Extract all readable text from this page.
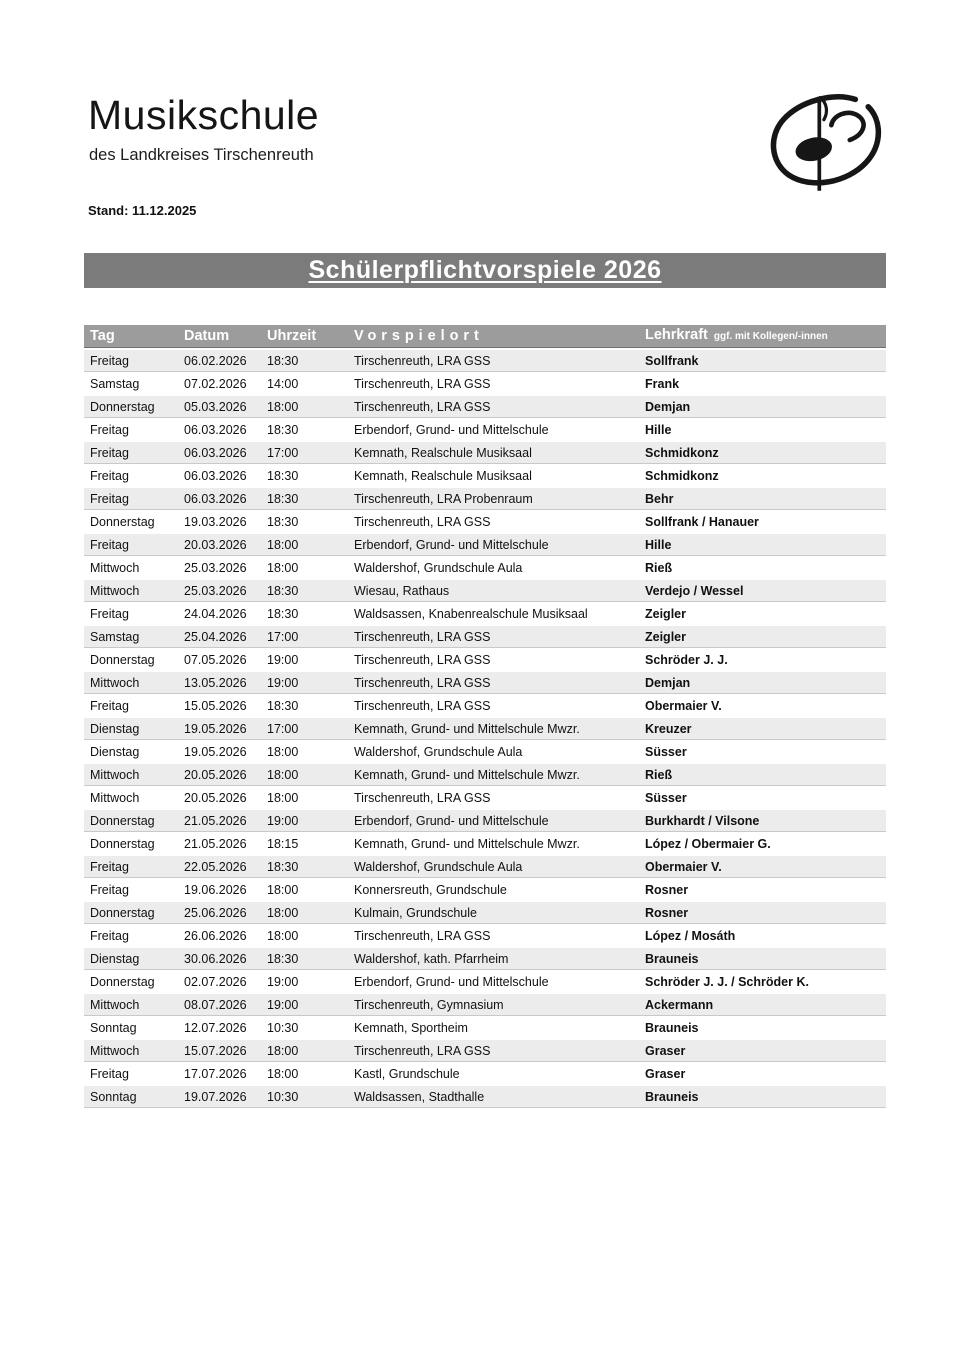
Musikschule
des Landkreises Tirschenreuth
Stand: 11.12.2025
Schülerpflichtvorspiele 2026
Tag	Datum	Uhrzeit	Vorspielort	Lehrkraft ggf. mit Kollegen/-innen
Freitag	06.02.2026	18:30	Tirschenreuth, LRA GSS	Sollfrank
Samstag	07.02.2026	14:00	Tirschenreuth, LRA GSS	Frank
Donnerstag	05.03.2026	18:00	Tirschenreuth, LRA GSS	Demjan
Freitag	06.03.2026	18:30	Erbendorf, Grund- und Mittelschule	Hille
Freitag	06.03.2026	17:00	Kemnath, Realschule Musiksaal	Schmidkonz
Freitag	06.03.2026	18:30	Kemnath, Realschule Musiksaal	Schmidkonz
Freitag	06.03.2026	18:30	Tirschenreuth, LRA Probenraum	Behr
Donnerstag	19.03.2026	18:30	Tirschenreuth, LRA GSS	Sollfrank / Hanauer
Freitag	20.03.2026	18:00	Erbendorf, Grund- und Mittelschule	Hille
Mittwoch	25.03.2026	18:00	Waldershof, Grundschule Aula	Rieß
Mittwoch	25.03.2026	18:30	Wiesau, Rathaus	Verdejo / Wessel
Freitag	24.04.2026	18:30	Waldsassen, Knabenrealschule Musiksaal	Zeigler
Samstag	25.04.2026	17:00	Tirschenreuth, LRA GSS	Zeigler
Donnerstag	07.05.2026	19:00	Tirschenreuth, LRA GSS	Schröder J. J.
Mittwoch	13.05.2026	19:00	Tirschenreuth, LRA GSS	Demjan
Freitag	15.05.2026	18:30	Tirschenreuth, LRA GSS	Obermaier V.
Dienstag	19.05.2026	17:00	Kemnath, Grund- und Mittelschule Mwzr.	Kreuzer
Dienstag	19.05.2026	18:00	Waldershof, Grundschule Aula	Süsser
Mittwoch	20.05.2026	18:00	Kemnath, Grund- und Mittelschule Mwzr.	Rieß
Mittwoch	20.05.2026	18:00	Tirschenreuth, LRA GSS	Süsser
Donnerstag	21.05.2026	19:00	Erbendorf, Grund- und Mittelschule	Burkhardt / Vilsone
Donnerstag	21.05.2026	18:15	Kemnath, Grund- und Mittelschule Mwzr.	López / Obermaier G.
Freitag	22.05.2026	18:30	Waldershof, Grundschule Aula	Obermaier V.
Freitag	19.06.2026	18:00	Konnersreuth, Grundschule	Rosner
Donnerstag	25.06.2026	18:00	Kulmain, Grundschule	Rosner
Freitag	26.06.2026	18:00	Tirschenreuth, LRA GSS	López / Mosáth
Dienstag	30.06.2026	18:30	Waldershof, kath. Pfarrheim	Brauneis
Donnerstag	02.07.2026	19:00	Erbendorf, Grund- und Mittelschule	Schröder J. J. / Schröder K.
Mittwoch	08.07.2026	19:00	Tirschenreuth, Gymnasium	Ackermann
Sonntag	12.07.2026	10:30	Kemnath, Sportheim	Brauneis
Mittwoch	15.07.2026	18:00	Tirschenreuth, LRA GSS	Graser
Freitag	17.07.2026	18:00	Kastl, Grundschule	Graser
Sonntag	19.07.2026	10:30	Waldsassen, Stadthalle	Brauneis
